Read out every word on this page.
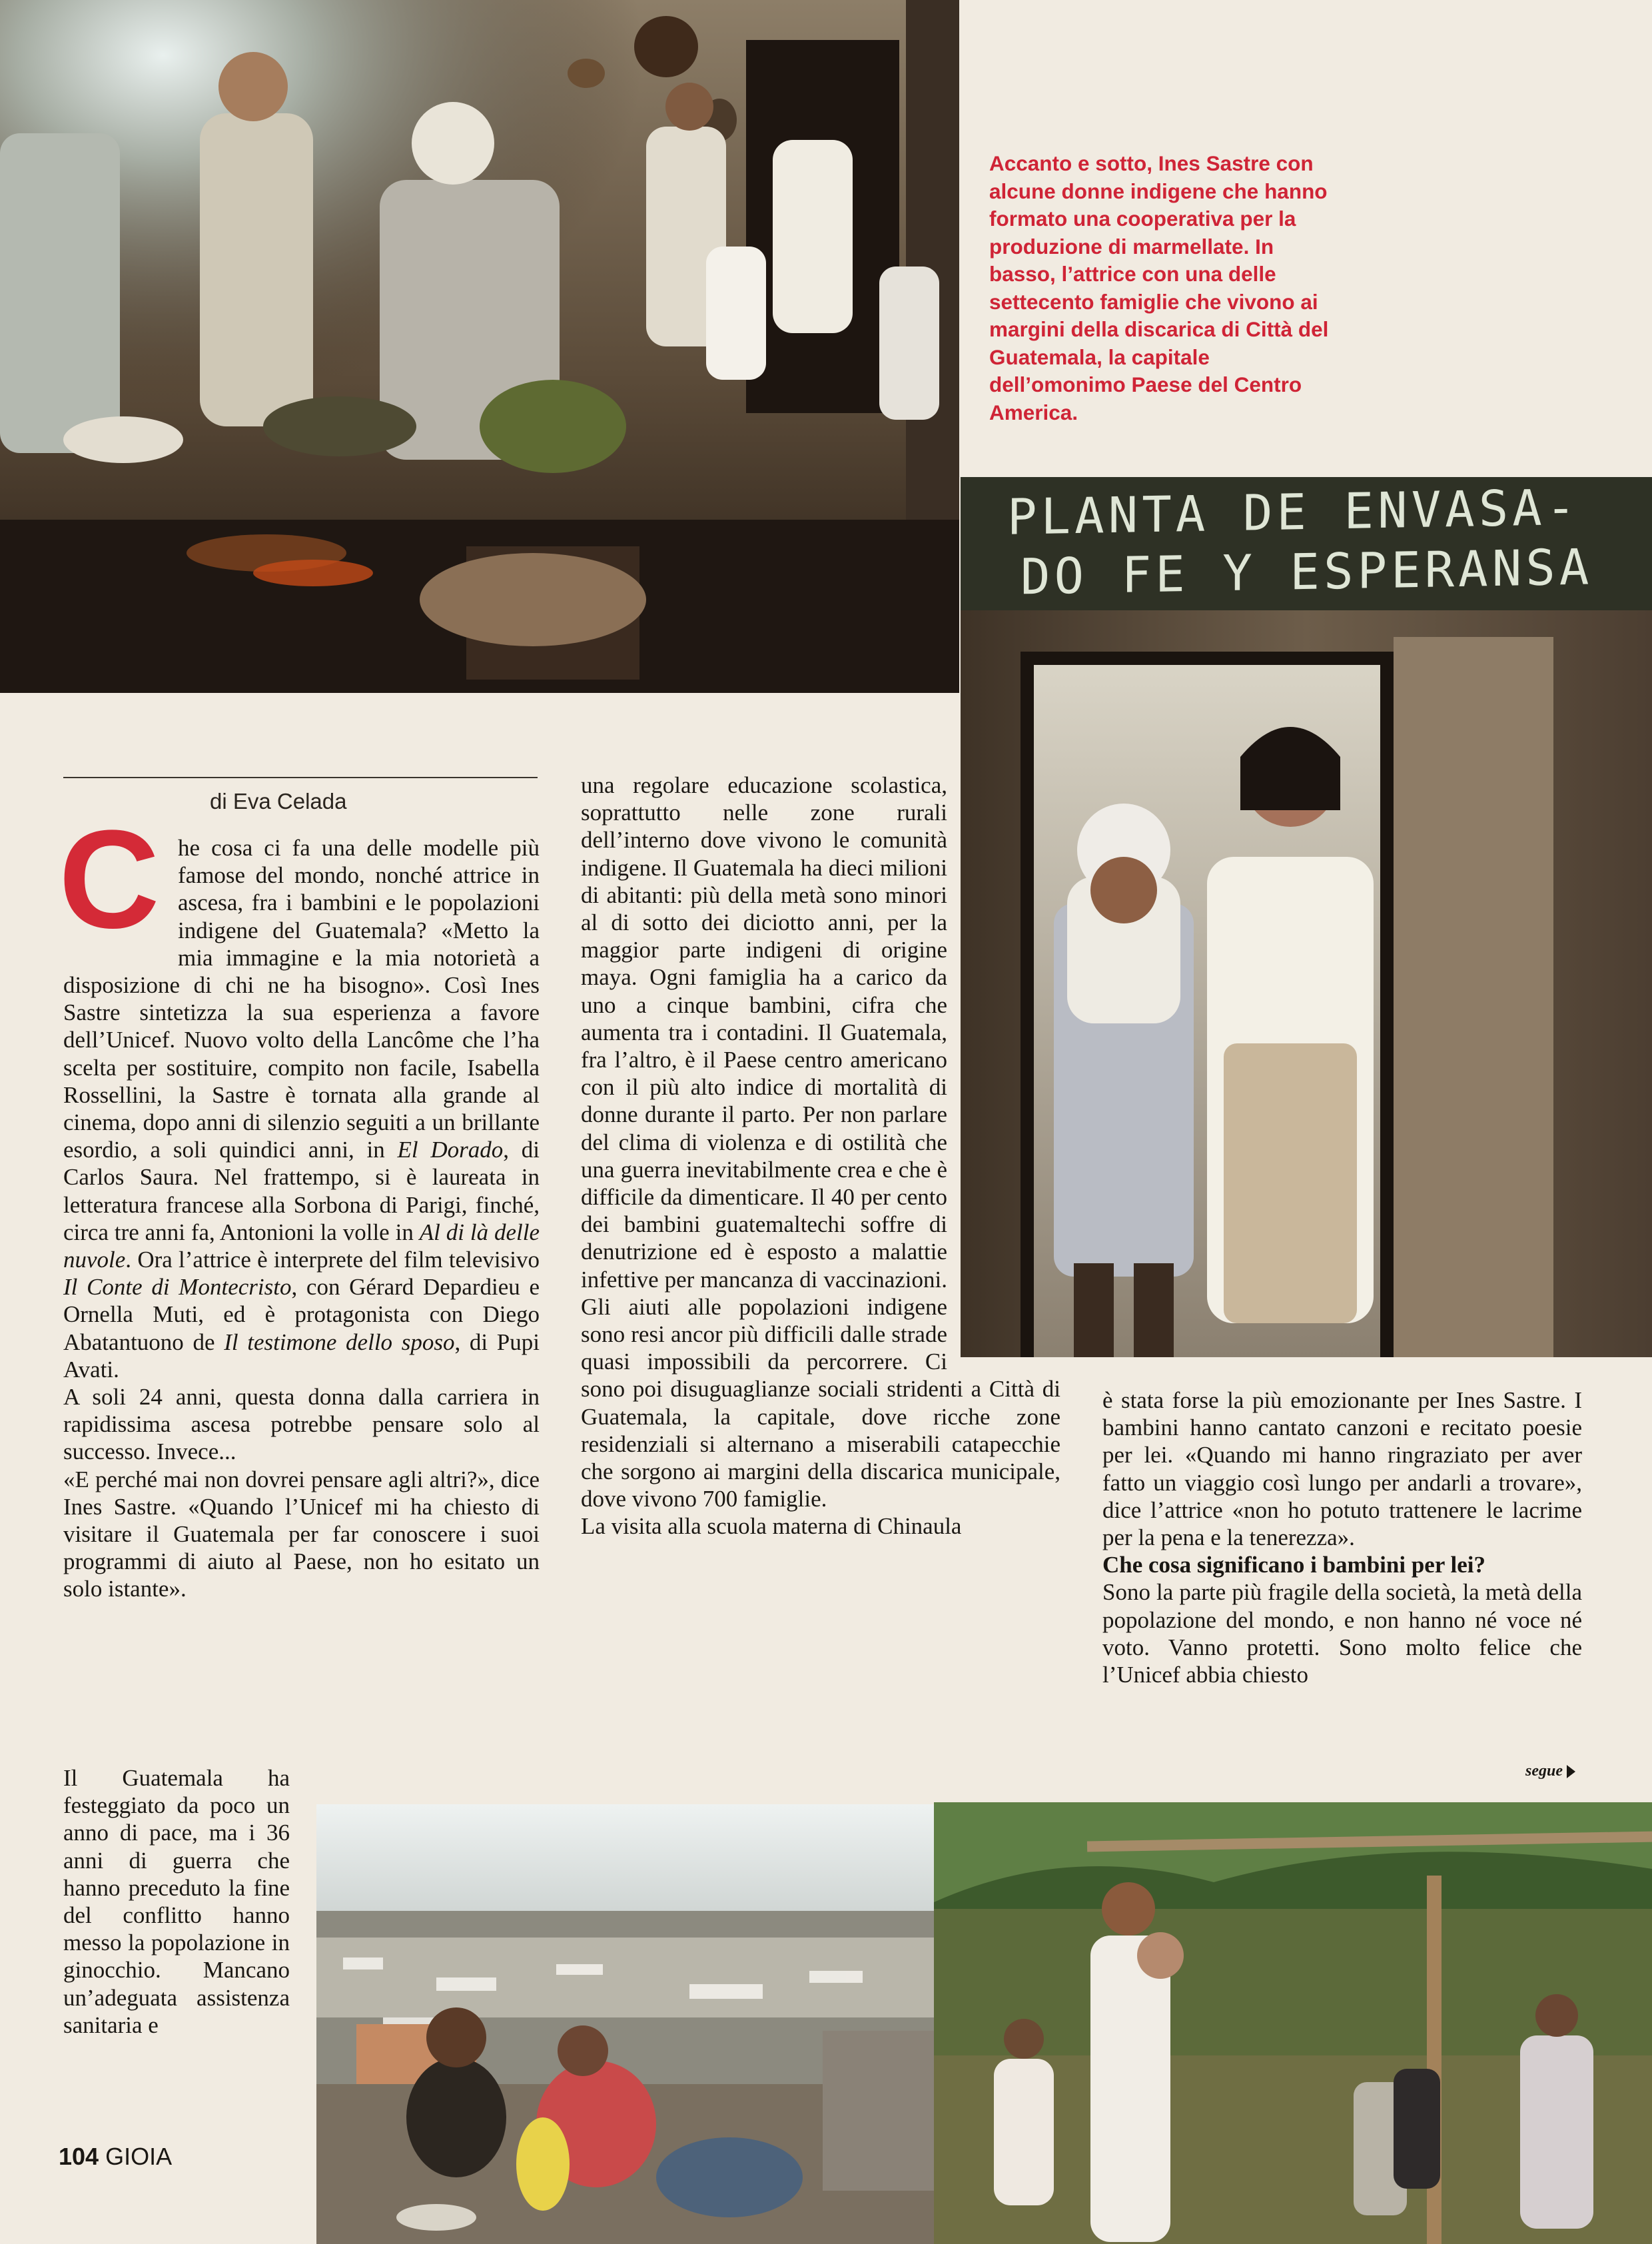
PLANTA DE ENVASA-
DO FE Y ESPERANSA
Accanto e sotto, Ines Sastre con alcune donne indigene che hanno formato una cooperativa per la produzione di marmellate. In basso, l’attrice con una delle settecento famiglie che vivono ai margini della discarica di Città del Guatemala, la capitale dell’omonimo Paese del Centro America.
di Eva Celada
C he cosa ci fa una delle modelle più famose del mondo, nonché attrice in ascesa, fra i bambini e le popolazioni indigene del Guatemala? «Metto la mia immagine e la mia notorietà a disposizione di chi ne ha bisogno». Così Ines Sastre sintetizza la sua esperienza a favore dell’Unicef. Nuovo volto della Lancôme che l’ha scelta per sostituire, compito non facile, Isabella Rossellini, la Sastre è tornata alla grande al cinema, dopo anni di silenzio seguiti a un brillante esordio, a soli quindici anni, in El Dorado, di Carlos Saura. Nel frattempo, si è laureata in letteratura francese alla Sorbona di Parigi, finché, circa tre anni fa, Antonioni la volle in Al di là delle nuvole. Ora l’attrice è interprete del film televisivo Il Conte di Montecristo, con Gérard Depardieu e Ornella Muti, ed è protagonista con Diego Abatantuono de Il testimone dello sposo, di Pupi Avati.

A soli 24 anni, questa donna dalla carriera in rapidissima ascesa potrebbe pensare solo al successo. Invece...

«E perché mai non dovrei pensare agli altri?», dice Ines Sastre. «Quando l’Unicef mi ha chiesto di visitare il Guatemala per far conoscere i suoi programmi di aiuto al Paese, non ho esitato un solo istante».

Il Guatemala ha festeggiato da poco un anno di pace, ma i 36 anni di guerra che hanno preceduto la fine del conflitto hanno messo la popolazione in ginocchio. Mancano un’adeguata assistenza sanitaria e

una regolare educazione scolastica, soprattutto nelle zone rurali dell’interno dove vivono le comunità indigene. Il Guatemala ha dieci milioni di abitanti: più della metà sono minori al di sotto dei diciotto anni, per la maggior parte indigeni di origine maya. Ogni famiglia ha a carico da uno a cinque bambini, cifra che aumenta tra i contadini. Il Guatemala, fra l’altro, è il Paese centro americano con il più alto indice di mortalità di donne durante il parto. Per non parlare del clima di violenza e di ostilità che una guerra inevitabilmente crea e che è difficile da dimenticare. Il 40 per cento dei bambini guatemaltechi soffre di denutrizione ed è esposto a malattie infettive per mancanza di vaccinazioni. Gli aiuti alle popolazioni indigene sono resi ancor più difficili dalle strade quasi impossibili da percorrere. Ci sono poi disuguaglianze sociali stridenti a Città di Guatemala, la capitale, dove ricche zone residenziali si alternano a miserabili catapecchie che sorgono ai margini della discarica municipale, dove vivono 700 famiglie.

La visita alla scuola materna di Chinaula

è stata forse la più emozionante per Ines Sastre. I bambini hanno cantato canzoni e recitato poesie per lei. «Quando mi hanno ringraziato per aver fatto un viaggio così lungo per andarli a trovare», dice l’attrice «non ho potuto trattenere le lacrime per la pena e la tenerezza».

Che cosa significano i bambini per lei?

Sono la parte più fragile della società, la metà della popolazione del mondo, e non hanno né voce né voto. Vanno protetti. Sono molto felice che l’Unicef abbia chiesto

segue
104 GIOIA
